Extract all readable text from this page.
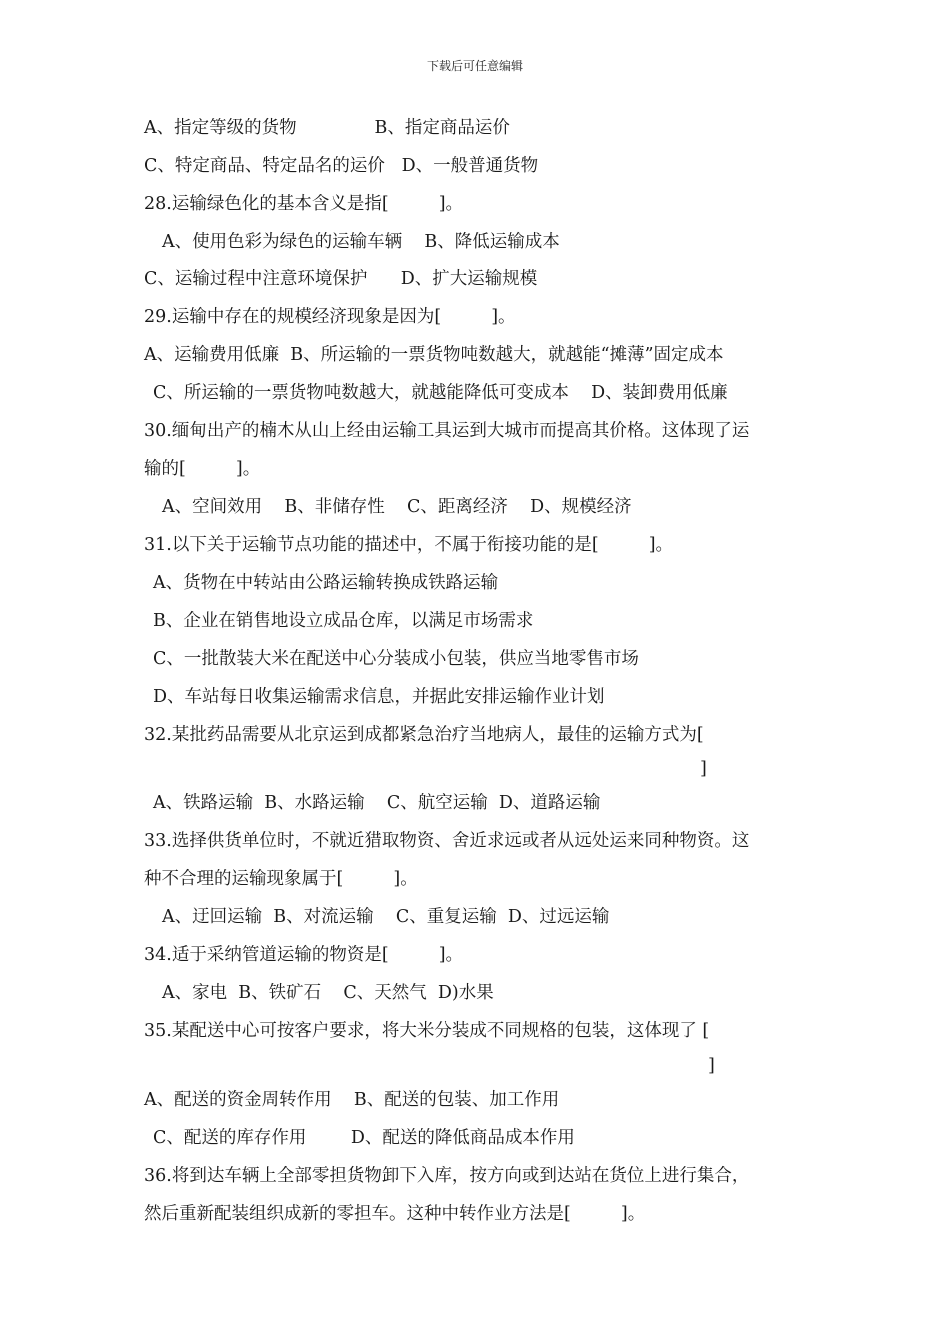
下载后可任意编辑
A、指定等级的货物              B、指定商品运价
C、特定商品、特定品名的运价   D、一般普通货物
28.运输绿色化的基本含义是指[         ]。
A、使用色彩为绿色的运输车辆    B、降低运输成本
C、运输过程中注意环境保护      D、扩大运输规模
29.运输中存在的规模经济现象是因为[         ]。
A、运输费用低廉  B、所运输的一票货物吨数越大，就越能“摊薄”固定成本
C、所运输的一票货物吨数越大，就越能降低可变成本    D、装卸费用低廉
30.缅甸出产的楠木从山上经由运输工具运到大城市而提高其价格。这体现了运
输的[         ]。
A、空间效用    B、非储存性    C、距离经济    D、规模经济
31.以下关于运输节点功能的描述中，不属于衔接功能的是[         ]。
A、货物在中转站由公路运输转换成铁路运输
B、企业在销售地设立成品仓库，以满足市场需求
C、一批散装大米在配送中心分装成小包装，供应当地零售市场
D、车站每日收集运输需求信息，并据此安排运输作业计划
32.某批药品需要从北京运到成都紧急治疗当地病人，最佳的运输方式为[
]
A、铁路运输  B、水路运输    C、航空运输  D、道路运输
33.选择供货单位时，不就近猎取物资、舍近求远或者从远处运来同种物资。这
种不合理的运输现象属于[         ]。
A、迂回运输  B、对流运输    C、重复运输  D、过远运输
34.适于采纳管道运输的物资是[         ]。
A、家电  B、铁矿石    C、天然气  D)水果
35.某配送中心可按客户要求，将大米分装成不同规格的包装，这体现了 [
]
A、配送的资金周转作用    B、配送的包装、加工作用
C、配送的库存作用        D、配送的降低商品成本作用
36.将到达车辆上全部零担货物卸下入库，按方向或到达站在货位上进行集合，
然后重新配装组织成新的零担车。这种中转作业方法是[         ]。
